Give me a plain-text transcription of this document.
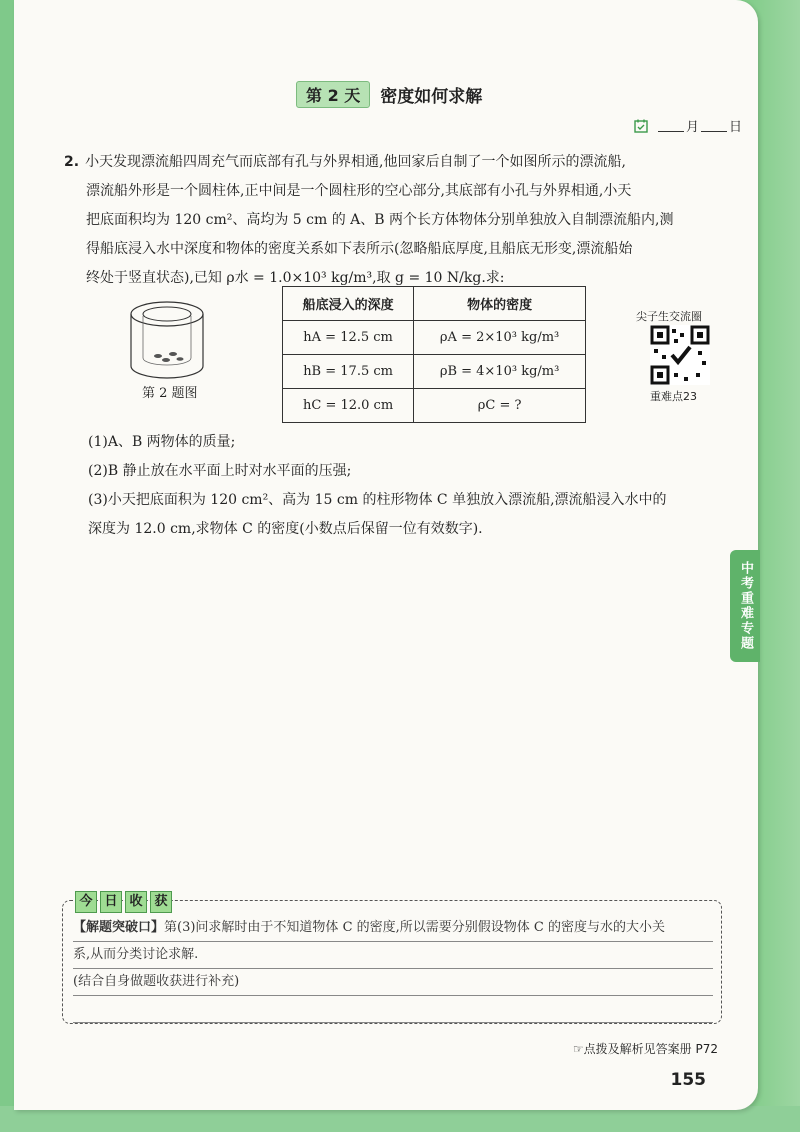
第 2 天	密度如何求解
月 日

2. 小天发现漂流船四周充气而底部有孔与外界相通,他回家后自制了一个如图所示的漂流船,

漂流船外形是一个圆柱体,正中间是一个圆柱形的空心部分,其底部有小孔与外界相通,小天

把底面积均为 120 cm²、高均为 5 cm 的 A、B 两个长方体物体分别单独放入自制漂流船内,测

得船底浸入水中深度和物体的密度关系如下表所示(忽略船底厚度,且船底无形变,漂流船始

终处于竖直状态),已知 ρ水 = 1.0×10³ kg/m³,取 g = 10 N/kg.求:

第 2 题图
船底浸入的深度	物体的密度
hA = 12.5 cm	ρA = 2×10³ kg/m³
hB = 17.5 cm	ρB = 4×10³ kg/m³
hC = 12.0 cm	ρC = ?
尖子生交流圈
重难点23

(1)A、B 两物体的质量;

(2)B 静止放在水平面上时对水平面的压强;

(3)小天把底面积为 120 cm²、高为 15 cm 的柱形物体 C 单独放入漂流船,漂流船浸入水中的

深度为 12.0 cm,求物体 C 的密度(小数点后保留一位有效数字).

中考重难专题
今 日 收 获
【解题突破口】第(3)问求解时由于不知道物体 C 的密度,所以需要分别假设物体 C 的密度与水的大小关
系,从而分类讨论求解.
(结合自身做题收获进行补充)
☞点拨及解析见答案册 P72
155
